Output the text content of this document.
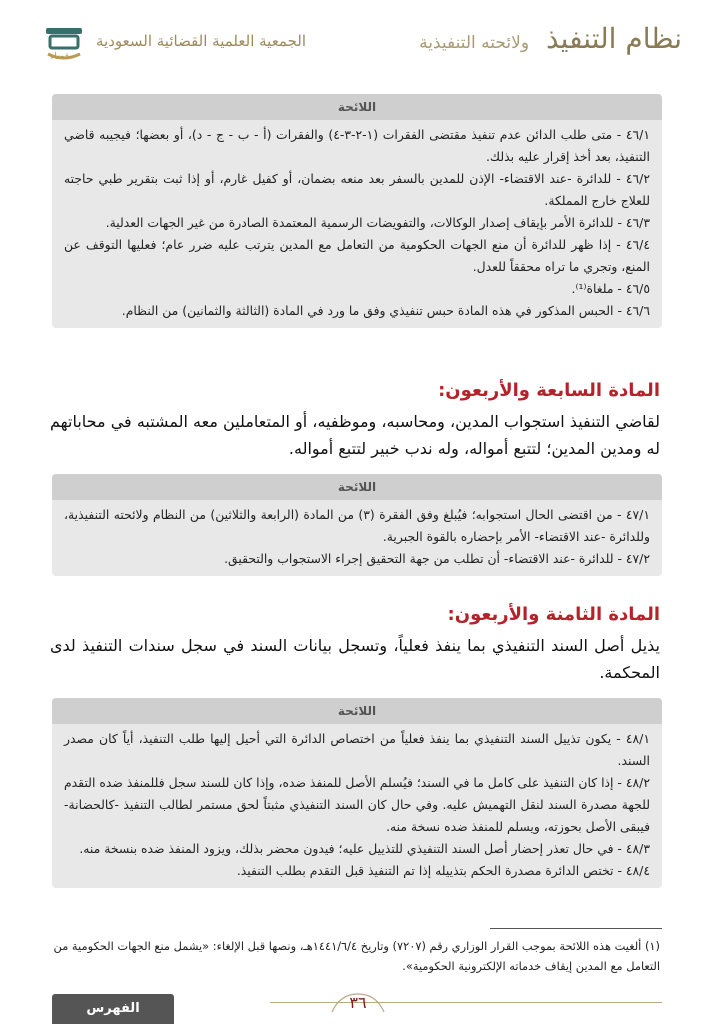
نظام التنفيذ ولائحته التنفيذية
الجمعية العلمية القضائية السعودية
قضاء
اللائحة
٤٦/١ - متى طلب الدائن عدم تنفيذ مقتضى الفقرات (١-٢-٣-٤) والفقرات (أ - ب - ج - د)، أو بعضها؛ فيجيبه قاضي التنفيذ، بعد أخذ إقرار عليه بذلك.
٤٦/٢ - للدائرة -عند الاقتضاء- الإذن للمدين بالسفر بعد منعه بضمان، أو كفيل غارم، أو إذا ثبت بتقرير طبي حاجته للعلاج خارج المملكة.
٤٦/٣ - للدائرة الأمر بإيقاف إصدار الوكالات، والتفويضات الرسمية المعتمدة الصادرة من غير الجهات العدلية.
٤٦/٤ - إذا ظهر للدائرة أن منع الجهات الحكومية من التعامل مع المدين يترتب عليه ضرر عام؛ فعليها التوقف عن المنع، وتجري ما تراه محققاً للعدل.
٤٦/٥ - ملغاة⁽¹⁾.
٤٦/٦ - الحبس المذكور في هذه المادة حبس تنفيذي وفق ما ورد في المادة (الثالثة والثمانين) من النظام.
المادة السابعة والأربعون:
لقاضي التنفيذ استجواب المدين، ومحاسبه، وموظفيه، أو المتعاملين معه المشتبه في محاباتهم له ومدين المدين؛ لتتبع أمواله، وله ندب خبير لتتبع أمواله.
اللائحة
٤٧/١ - من اقتضى الحال استجوابه؛ فيُبلغ وفق الفقرة (٣) من المادة (الرابعة والثلاثين) من النظام ولائحته التنفيذية، وللدائرة -عند الاقتضاء- الأمر بإحضاره بالقوة الجبرية.
٤٧/٢ - للدائرة -عند الاقتضاء- أن تطلب من جهة التحقيق إجراء الاستجواب والتحقيق.
المادة الثامنة والأربعون:
يذيل أصل السند التنفيذي بما ينفذ فعلياً، وتسجل بيانات السند في سجل سندات التنفيذ لدى المحكمة.
اللائحة
٤٨/١ - يكون تذييل السند التنفيذي بما ينفذ فعلياً من اختصاص الدائرة التي أحيل إليها طلب التنفيذ، أياً كان مصدر السند.
٤٨/٢ - إذا كان التنفيذ على كامل ما في السند؛ فيُسلم الأصل للمنفذ ضده، وإذا كان للسند سجل فللمنفذ ضده التقدم للجهة مصدرة السند لنقل التهميش عليه. وفي حال كان السند التنفيذي مثبتاً لحق مستمر لطالب التنفيذ -كالحضانة- فيبقى الأصل بحوزته، ويسلم للمنفذ ضده نسخة منه.
٤٨/٣ - في حال تعذر إحضار أصل السند التنفيذي للتذييل عليه؛ فيدون محضر بذلك، ويزود المنفذ ضده بنسخة منه.
٤٨/٤ - تختص الدائرة مصدرة الحكم بتذييله إذا تم التنفيذ قبل التقدم بطلب التنفيذ.
(١) ألغيت هذه اللائحة بموجب القرار الوزاري رقم (٧٢٠٧) وتاريخ ١٤٤١/٦/٤هـ، ونصها قبل الإلغاء: «يشمل منع الجهات الحكومية من التعامل مع المدين إيقاف خدماته الإلكترونية الحكومية».
٣٦
الفهرس
